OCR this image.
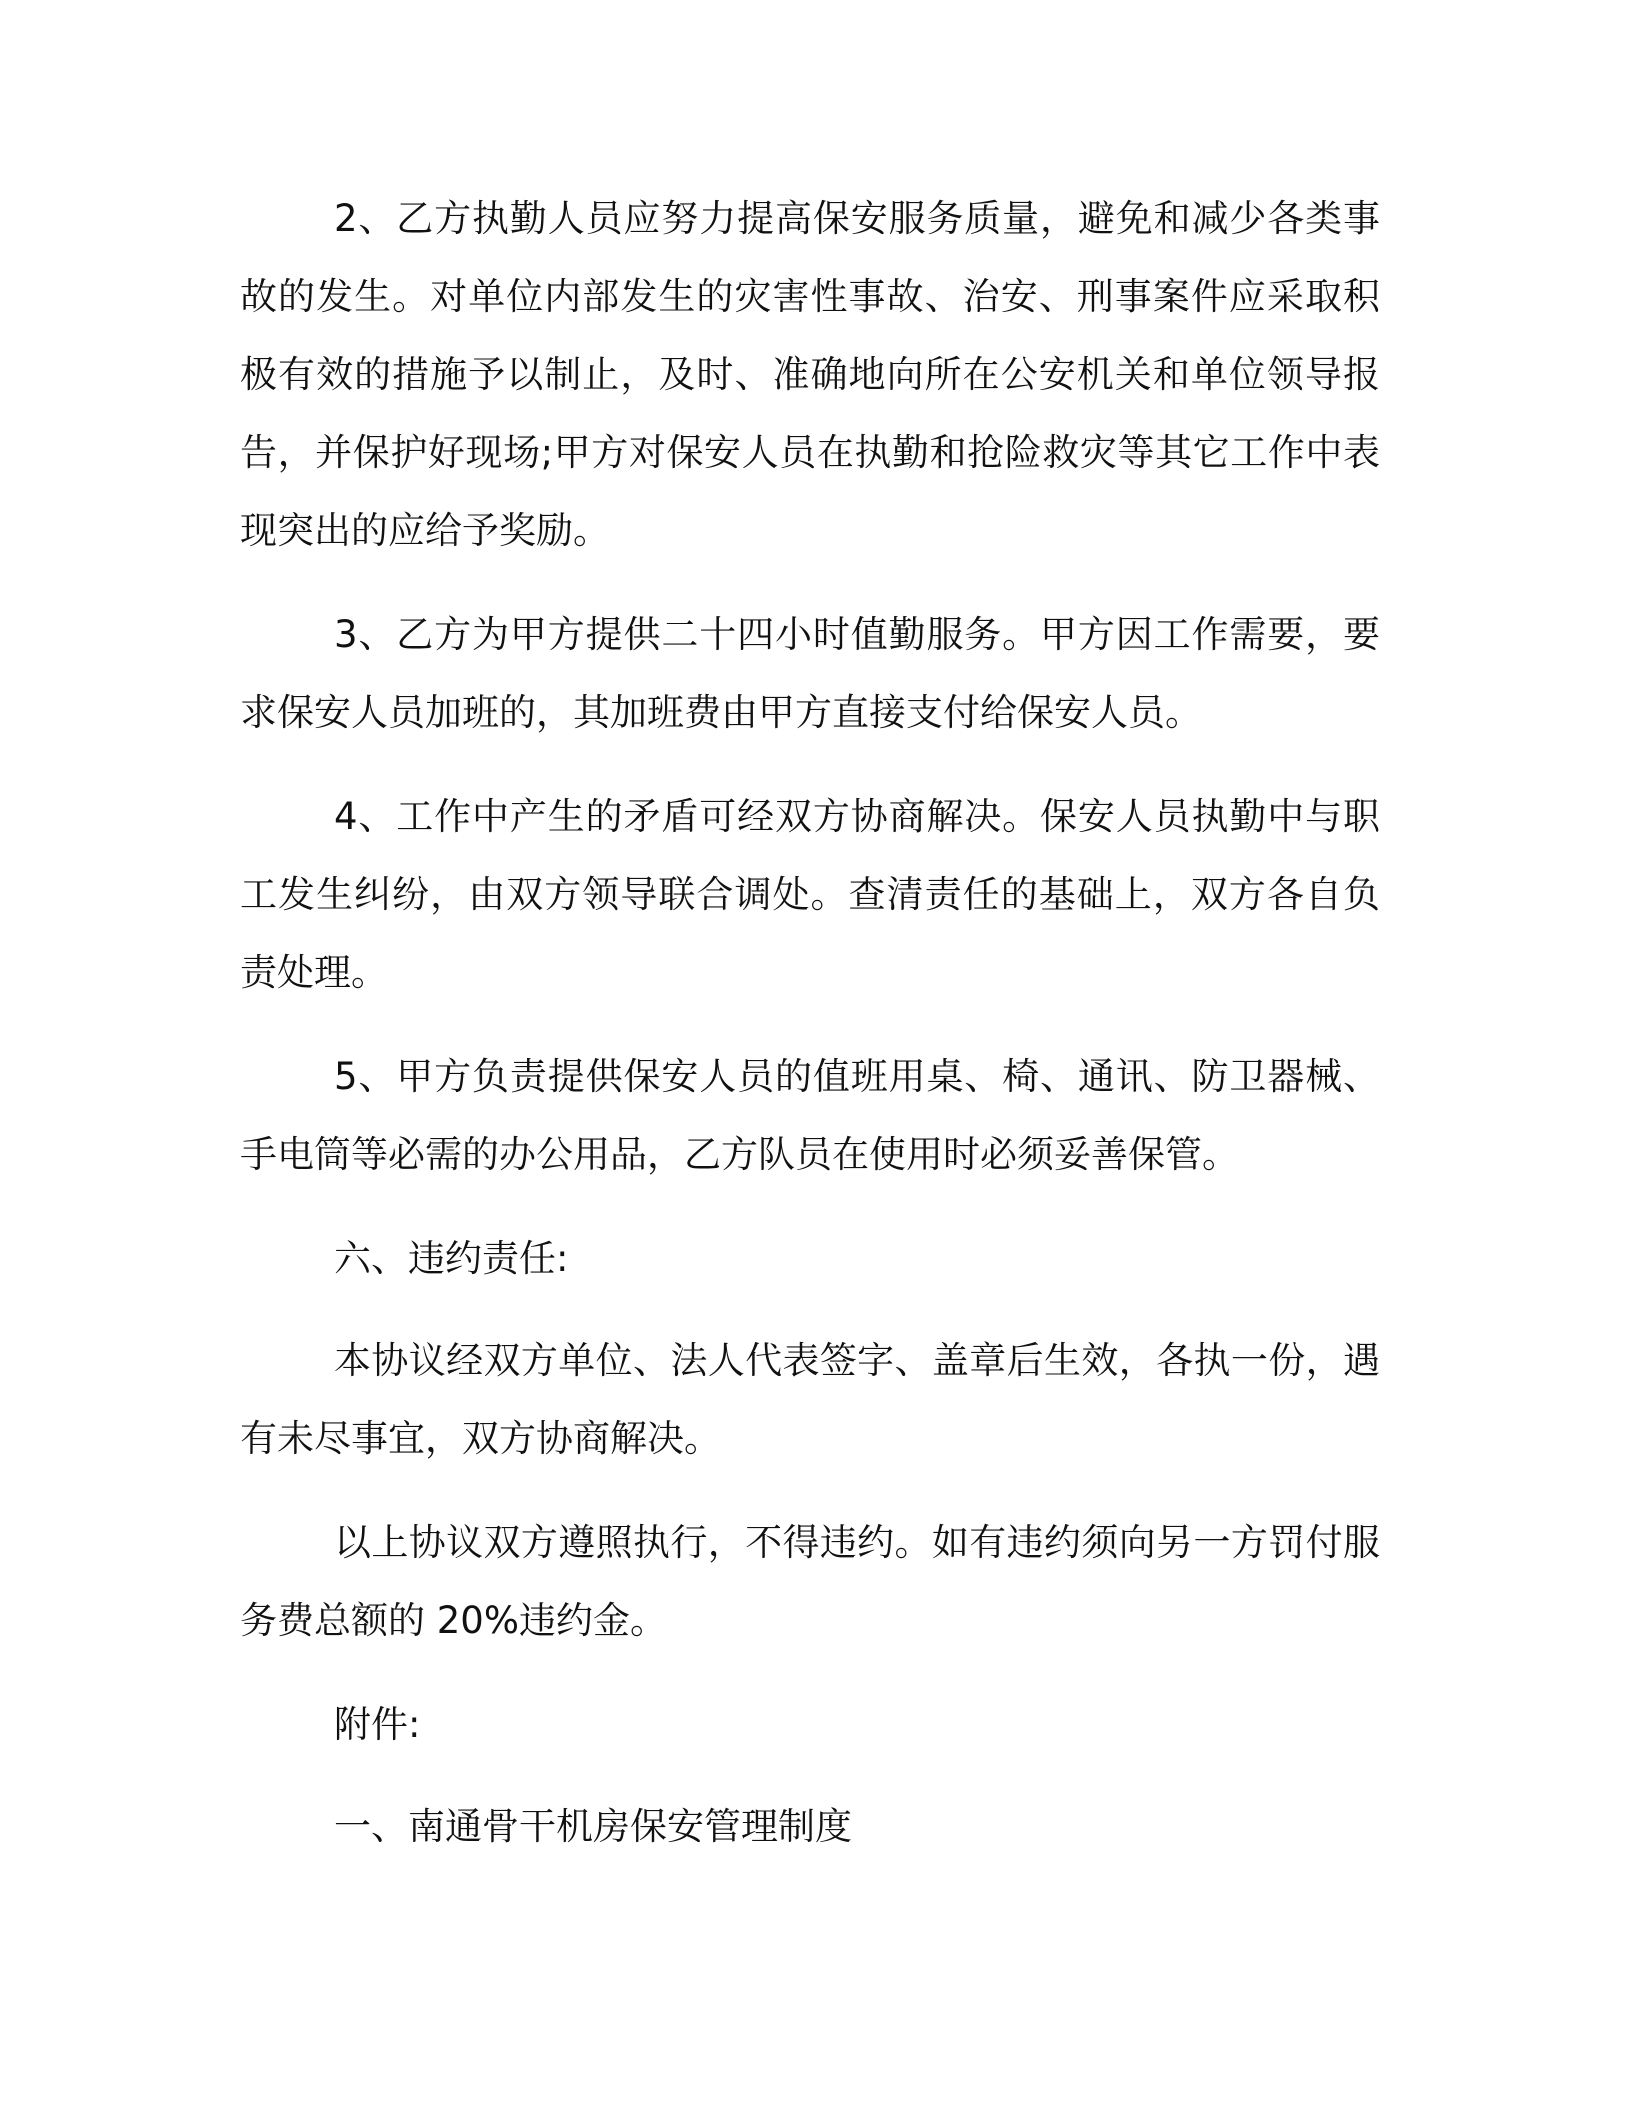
2、乙方执勤人员应努力提高保安服务质量，避免和减少各类事故的发生。对单位内部发生的灾害性事故、治安、刑事案件应采取积极有效的措施予以制止，及时、准确地向所在公安机关和单位领导报告，并保护好现场;甲方对保安人员在执勤和抢险救灾等其它工作中表现突出的应给予奖励。

3、乙方为甲方提供二十四小时值勤服务。甲方因工作需要，要求保安人员加班的，其加班费由甲方直接支付给保安人员。

4、工作中产生的矛盾可经双方协商解决。保安人员执勤中与职工发生纠纷，由双方领导联合调处。查清责任的基础上，双方各自负责处理。

5、甲方负责提供保安人员的值班用桌、椅、通讯、防卫器械、手电筒等必需的办公用品，乙方队员在使用时必须妥善保管。

六、违约责任:

本协议经双方单位、法人代表签字、盖章后生效，各执一份，遇有未尽事宜，双方协商解决。

以上协议双方遵照执行，不得违约。如有违约须向另一方罚付服务费总额的 20%违约金。

附件:

一、南通骨干机房保安管理制度
